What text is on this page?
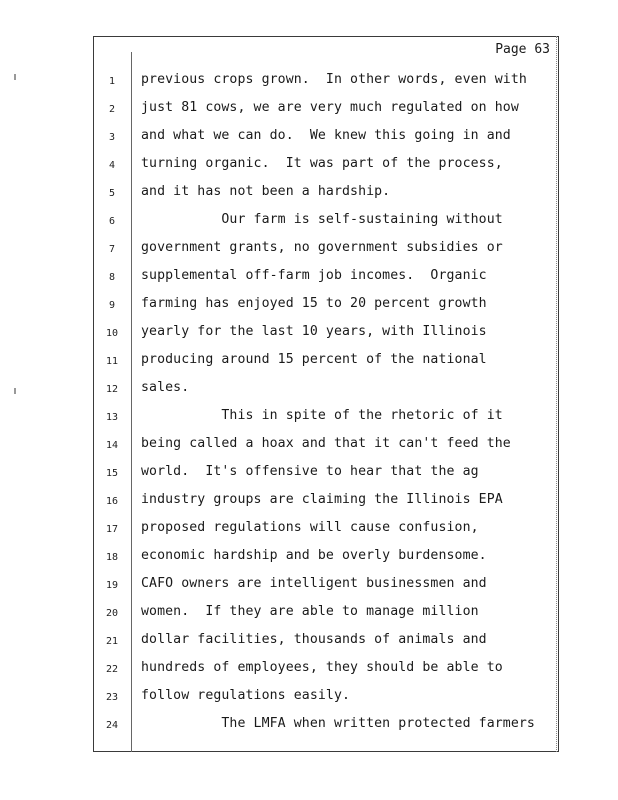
Page 63
1	previous crops grown.  In other words, even with
2	just 81 cows, we are very much regulated on how
3	and what we can do.  We knew this going in and
4	turning organic.  It was part of the process,
5	and it has not been a hardship.
6	Our farm is self-sustaining without
7	government grants, no government subsidies or
8	supplemental off-farm job incomes.  Organic
9	farming has enjoyed 15 to 20 percent growth
10	yearly for the last 10 years, with Illinois
11	producing around 15 percent of the national
12	sales.
13	This in spite of the rhetoric of it
14	being called a hoax and that it can't feed the
15	world.  It's offensive to hear that the ag
16	industry groups are claiming the Illinois EPA
17	proposed regulations will cause confusion,
18	economic hardship and be overly burdensome.
19	CAFO owners are intelligent businessmen and
20	women.  If they are able to manage million
21	dollar facilities, thousands of animals and
22	hundreds of employees, they should be able to
23	follow regulations easily.
24	The LMFA when written protected farmers
